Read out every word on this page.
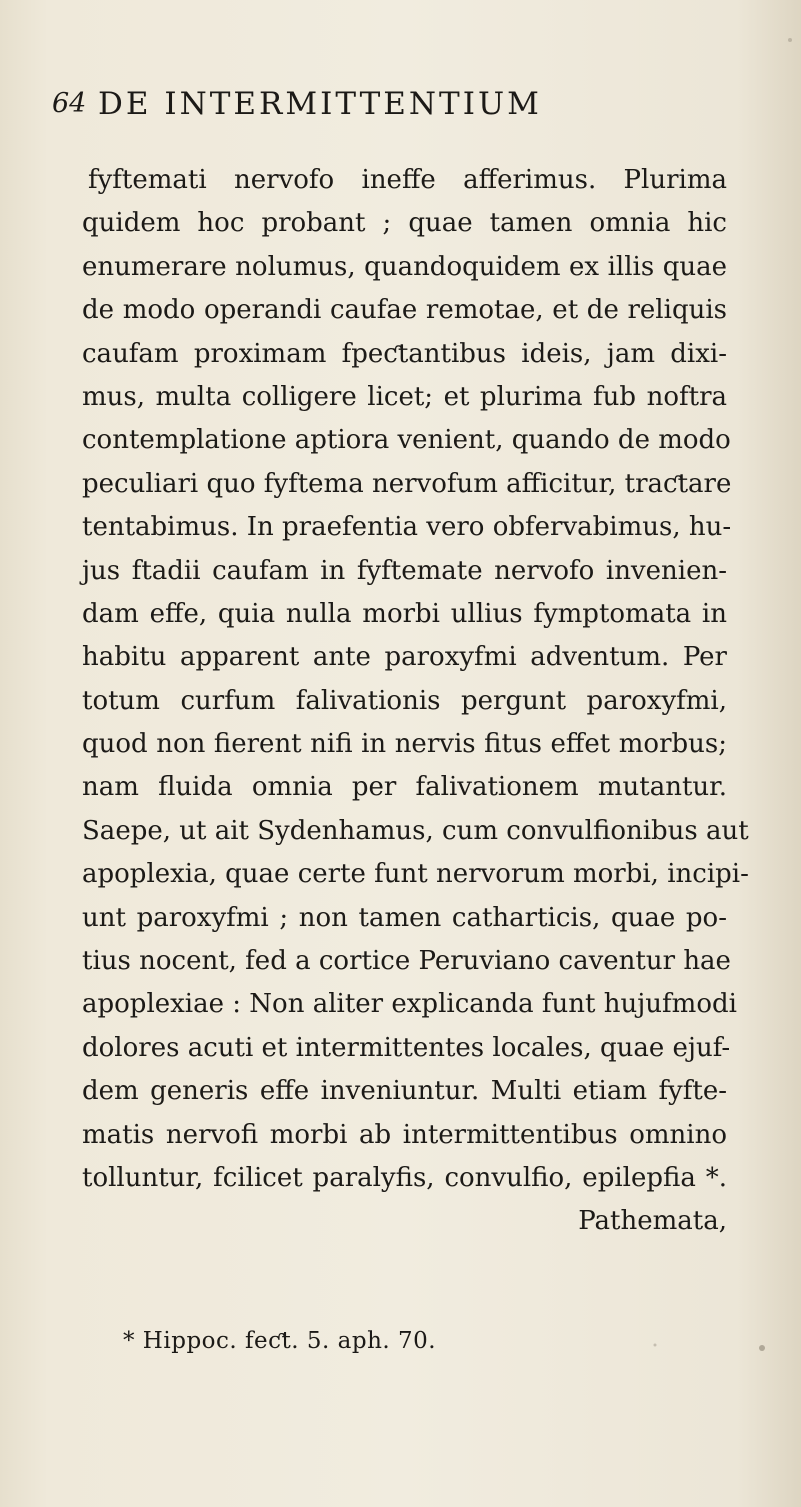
64 DE INTERMITTENTIUM
fyftemati nervofo ineffe afferimus. Plurima
quidem hoc probant ; quae tamen omnia hic
enumerare nolumus, quandoquidem ex illis quae
de modo operandi caufae remotae, et de reliquis
caufam proximam fpeƈtantibus ideis, jam dixi-
mus, multa colligere licet; et plurima fub noftra
contemplatione aptiora venient, quando de modo
peculiari quo fyftema nervofum afficitur, traƈtare
tentabimus. In praefentia vero obfervabimus, hu-
jus ftadii caufam in fyftemate nervofo invenien-
dam effe, quia nulla morbi ullius fymptomata in
habitu apparent ante paroxyfmi adventum. Per
totum curfum falivationis pergunt paroxyfmi,
quod non fierent nifi in nervis fitus effet morbus;
nam fluida omnia per falivationem mutantur.
Saepe, ut ait Sydenhamus, cum convulfionibus aut
apoplexia, quae certe funt nervorum morbi, incipi-
unt paroxyfmi ; non tamen catharticis, quae po-
tius nocent, fed a cortice Peruviano caventur hae
apoplexiae : Non aliter explicanda funt hujufmodi
dolores acuti et intermittentes locales, quae ejuf-
dem generis effe inveniuntur. Multi etiam fyfte-
matis nervofi morbi ab intermittentibus omnino
tolluntur, fcilicet paralyfis, convulfio, epilepfia *.
Pathemata,
* Hippoc. feƈt. 5. aph. 70.
